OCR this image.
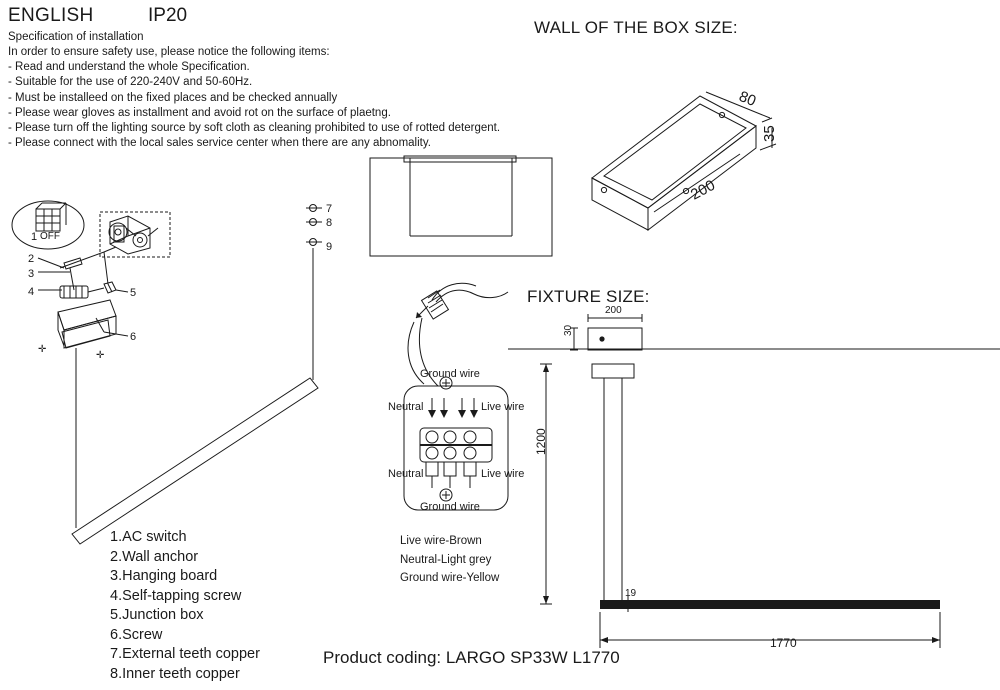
ENGLISH	IP20
Specification of installation
In order to ensure safety use, please notice the following items:
- Read and understand the whole Specification.
- Suitable for the use of 220-240V and 50-60Hz.
- Must be installeed on the fixed places and be checked annually
- Please wear gloves as installment and avoid rot on the surface of plaetng.
- Please turn off the lighting source by soft cloth as cleaning prohibited to use of rotted detergent.
- Please connect with the local sales service center when there are any abnomality.
WALL OF THE BOX SIZE:
FIXTURE SIZE:
Product coding: LARGO SP33W L1770
1.AC switch
2.Wall anchor
3.Hanging board
4.Self-tapping screw
5.Junction box
6.Screw
7.External teeth copper
8.Inner teeth copper
Live wire-Brown
Neutral-Light grey
Ground wire-Yellow
Ground wire
Neutral	Live wire
Neutral	Live wire
Ground wire
1200
1770
19
200
30
1 OFF
2
3
4	5
6
✛
✛
7
8
9
80
35
200
